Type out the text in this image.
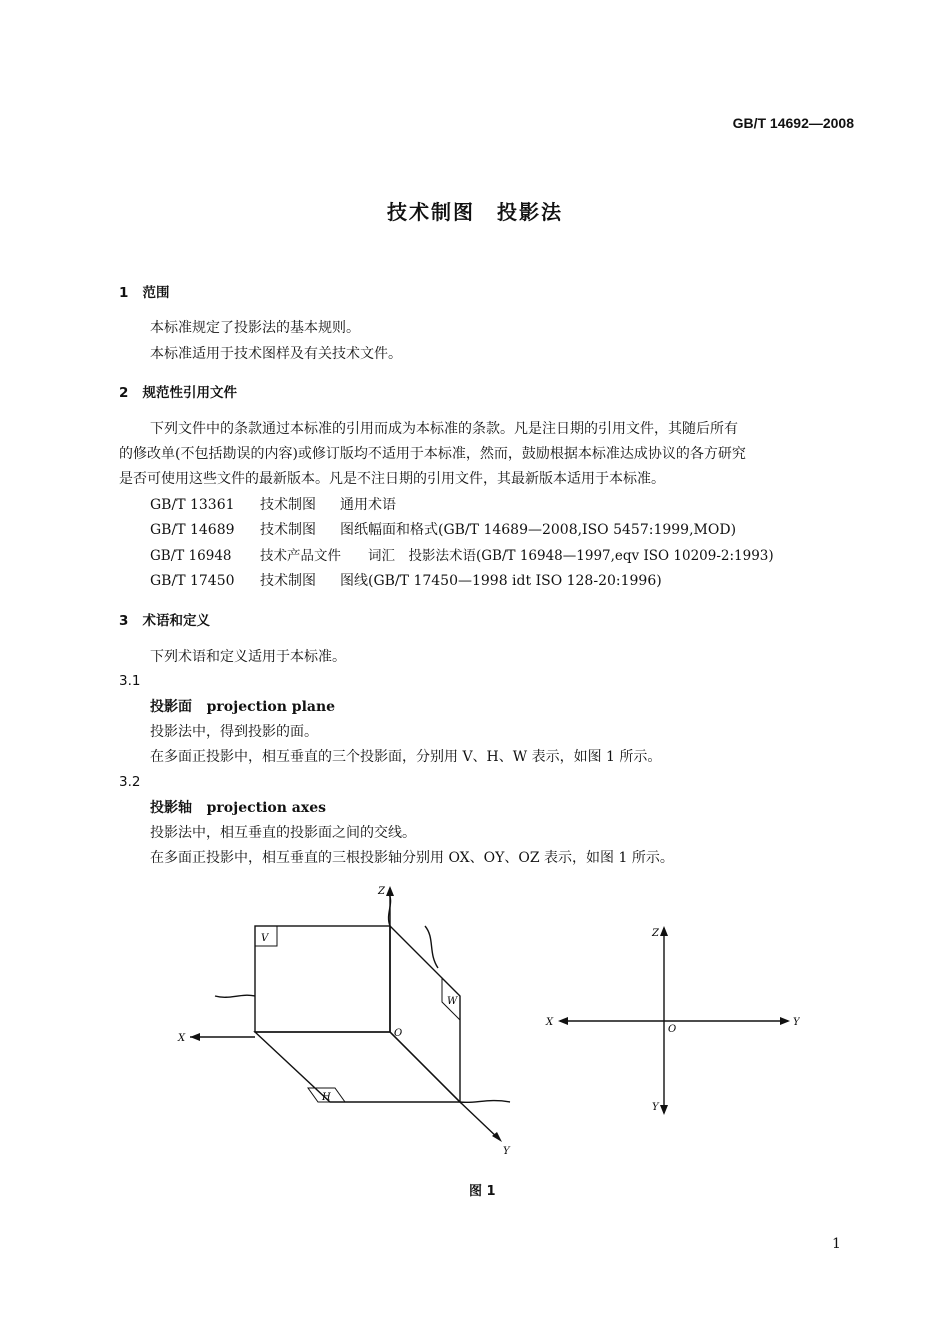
GB/T 14692—2008
技术制图　投影法
1 范围
本标准规定了投影法的基本规则。
本标准适用于技术图样及有关技术文件。
2 规范性引用文件
下列文件中的条款通过本标准的引用而成为本标准的条款。凡是注日期的引用文件，其随后所有
的修改单(不包括勘误的内容)或修订版均不适用于本标准，然而，鼓励根据本标准达成协议的各方研究
是否可使用这些文件的最新版本。凡是不注日期的引用文件，其最新版本适用于本标准。
GB/T 13361 技术制图 通用术语
GB/T 14689 技术制图 图纸幅面和格式(GB/T 14689—2008,ISO 5457:1999,MOD)
GB/T 16948 技术产品文件 词汇　投影法术语(GB/T 16948—1997,eqv ISO 10209-2:1993)
GB/T 17450 技术制图 图线(GB/T 17450—1998 idt ISO 128-20:1996)
3 术语和定义
下列术语和定义适用于本标准。
3.1
投影面 projection plane
投影法中，得到投影的面。
在多面正投影中，相互垂直的三个投影面，分别用 V、H、W 表示，如图 1 所示。
3.2
投影轴 projection axes
投影法中，相互垂直的投影面之间的交线。
在多面正投影中，相互垂直的三根投影轴分别用 OX、OY、OZ 表示，如图 1 所示。
X
Z
Y
O
V
H
W
X	Y
Z
O
Y
图 1
1
